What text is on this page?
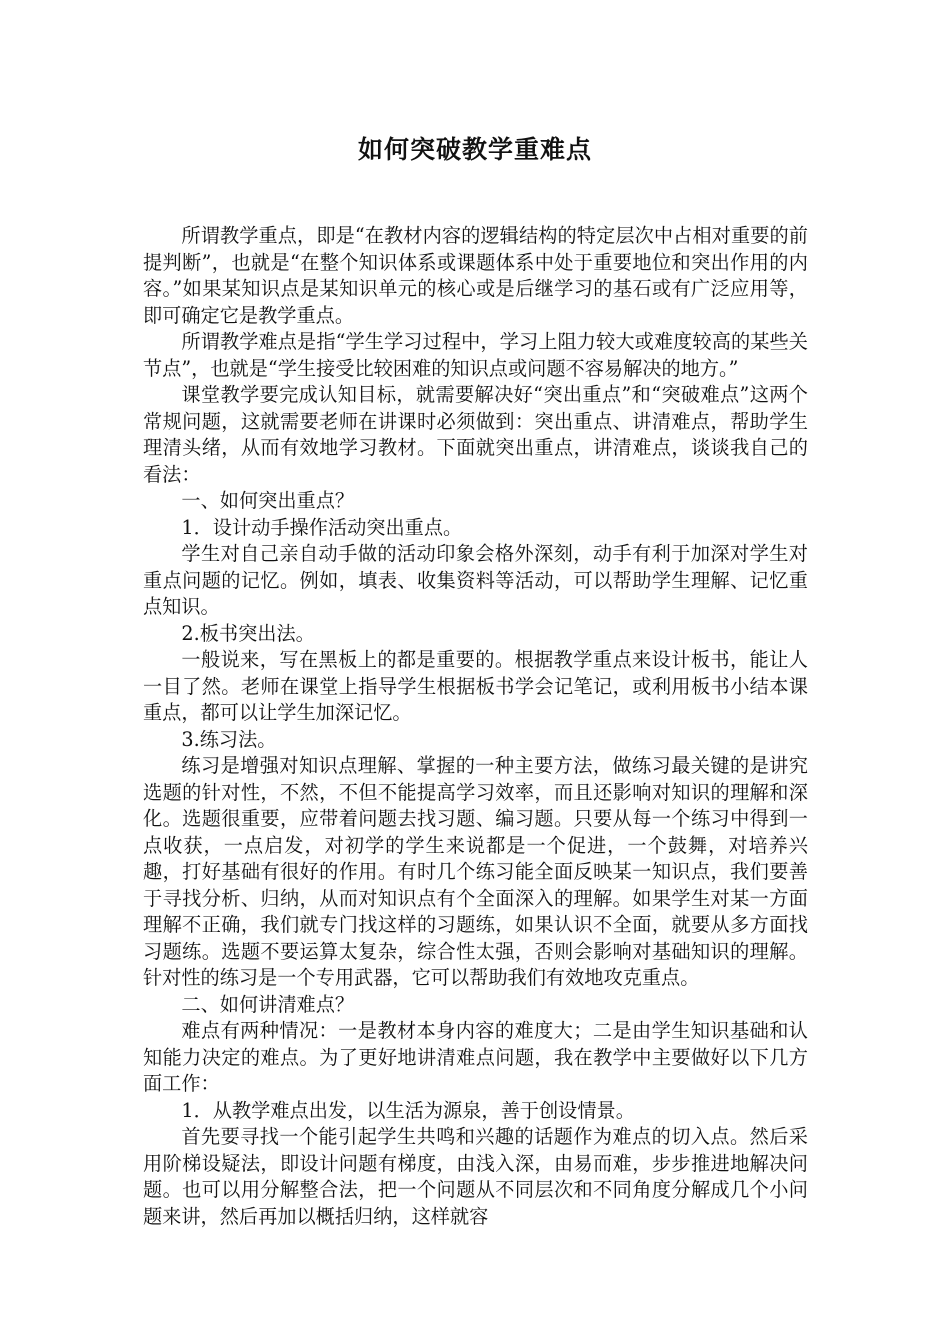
如何突破教学重难点

所谓教学重点，即是“在教材内容的逻辑结构的特定层次中占相对重要的前提判断”，也就是“在整个知识体系或课题体系中处于重要地位和突出作用的内容。”如果某知识点是某知识单元的核心或是后继学习的基石或有广泛应用等，即可确定它是教学重点。

所谓教学难点是指“学生学习过程中，学习上阻力较大或难度较高的某些关节点”，也就是“学生接受比较困难的知识点或问题不容易解决的地方。”

课堂教学要完成认知目标，就需要解决好“突出重点”和“突破难点”这两个常规问题，这就需要老师在讲课时必须做到：突出重点、讲清难点，帮助学生理清头绪，从而有效地学习教材。下面就突出重点，讲清难点，谈谈我自己的看法：

一、如何突出重点？

1．设计动手操作活动突出重点。

学生对自己亲自动手做的活动印象会格外深刻，动手有利于加深对学生对重点问题的记忆。例如，填表、收集资料等活动，可以帮助学生理解、记忆重点知识。

2.板书突出法。

一般说来，写在黑板上的都是重要的。根据教学重点来设计板书，能让人一目了然。老师在课堂上指导学生根据板书学会记笔记，或利用板书小结本课重点，都可以让学生加深记忆。

3.练习法。

练习是增强对知识点理解、掌握的一种主要方法，做练习最关键的是讲究选题的针对性，不然，不但不能提高学习效率，而且还影响对知识的理解和深化。选题很重要，应带着问题去找习题、编习题。只要从每一个练习中得到一点收获，一点启发，对初学的学生来说都是一个促进，一个鼓舞，对培养兴趣，打好基础有很好的作用。有时几个练习能全面反映某一知识点，我们要善于寻找分析、归纳，从而对知识点有个全面深入的理解。如果学生对某一方面理解不正确，我们就专门找这样的习题练，如果认识不全面，就要从多方面找习题练。选题不要运算太复杂，综合性太强，否则会影响对基础知识的理解。针对性的练习是一个专用武器，它可以帮助我们有效地攻克重点。

二、如何讲清难点？

难点有两种情况：一是教材本身内容的难度大；二是由学生知识基础和认知能力决定的难点。为了更好地讲清难点问题，我在教学中主要做好以下几方面工作：

1．从教学难点出发，以生活为源泉，善于创设情景。

首先要寻找一个能引起学生共鸣和兴趣的话题作为难点的切入点。然后采用阶梯设疑法，即设计问题有梯度，由浅入深，由易而难，步步推进地解决问题。也可以用分解整合法，把一个问题从不同层次和不同角度分解成几个小问题来讲，然后再加以概括归纳，这样就容
